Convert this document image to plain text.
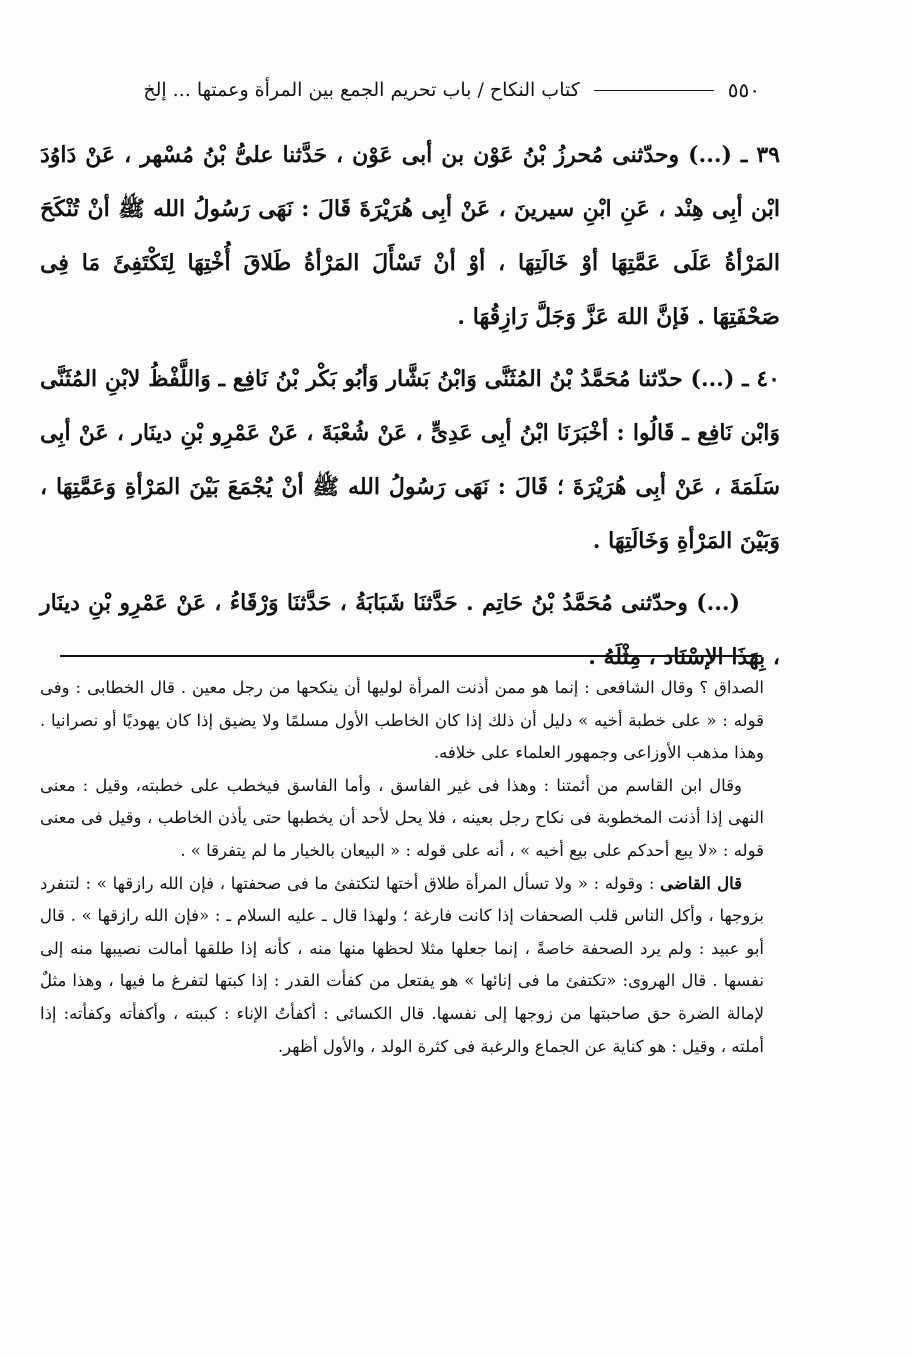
٥٥٠
كتاب النكاح / باب تحريم الجمع بين المرأة وعمتها ... إلخ

٣٩ ـ (...) وحدّثنى مُحرزُ بْنُ عَوْن بن أبى عَوْن ، حَدَّثنا علىُّ بْنُ مُسْهر ، عَنْ دَاوُدَ ابْن أبِى هِنْد ، عَنِ ابْنِ سيرينَ ، عَنْ أبِى هُرَيْرَةَ قَالَ : نَهَى رَسُولُ الله ﷺ أنْ تُنْكَحَ المَرْأةُ عَلَى عَمَّتِهَا أوْ خَالَتِهَا ، أوْ أنْ تَسْأَلَ المَرْأةُ طَلاقَ أُخْتِهَا لِتَكْتَفِئَ مَا فِى صَحْفَتِهَا . فَإنَّ اللهَ عَزَّ وَجَلَّ رَازِقُهَا .

٤٠ ـ (...) حدّثنا مُحَمَّدُ بْنُ المُثَنَّى وَابْنُ بَشَّار وَأبُو بَكْر بْنُ نَافِع ـ وَاللَّفْظُ لابْنِ المُثَنَّى وَابْن نَافِع ـ قَالُوا : أخْبَرَنَا ابْنُ أبِى عَدِىٍّ ، عَنْ شُعْبَةَ ، عَنْ عَمْرِو بْنِ دينَار ، عَنْ أبِى سَلَمَةَ ، عَنْ أبِى هُرَيْرَةَ ؛ قَالَ : نَهَى رَسُولُ الله ﷺ أنْ يُجْمَعَ بَيْنَ المَرْأةِ وَعَمَّتِهَا ، وَبَيْنَ المَرْأةِ وَخَالَتِهَا .

(...) وحدّثنى مُحَمَّدُ بْنُ حَاتِم . حَدَّثنَا شَبَابَةُ ، حَدَّثنَا وَرْقَاءُ ، عَنْ عَمْرِو بْنِ دينَار ، بِهَذَا الإسْنَاد ، مِثْلَهُ .

الصداق ؟ وقال الشافعى : إنما هو ممن أذنت المرأة لوليها أن ينكحها من رجل معين . قال الخطابى : وفى قوله : « على خطبة أخيه » دليل أن ذلك إذا كان الخاطب الأول مسلمًا ولا يضيق إذا كان يهوديًا أو نصرانيا . وهذا مذهب الأوزاعى وجمهور العلماء على خلافه.

وقال ابن القاسم من أئمتنا : وهذا فى غير الفاسق ، وأما الفاسق فيخطب على خطبته، وقيل : معنى النهى إذا أذنت المخطوبة فى نكاح رجل بعينه ، فلا يحل لأحد أن يخطبها حتى يأذن الخاطب ، وقيل فى معنى قوله : «لا يبع أحدكم على بيع أخيه » ، أنه على قوله : « البيعان بالخيار ما لم يتفرقا » .

قال القاضى : وقوله : « ولا تسأل المرأة طلاق أختها لتكتفئ ما فى صحفتها ، فإن الله رازقها » : لتنفرد بزوجها ، وأكل الناس قلب الصحفات إذا كانت فارغة ؛ ولهذا قال ـ عليه السلام ـ : «فإن الله رازقها » . قال أبو عبيد : ولم يرد الصحفة خاصةً ، إنما جعلها مثلا لحظها منها منه ، كأنه إذا طلقها أمالت نصيبها منه إلى نفسها . قال الهروى: «تكتفئ ما فى إنائها » هو يفتعل من كفأت القدر : إذا كبتها لتفرغ ما فيها ، وهذا مثلٌ لإمالة الضرة حق صاحبتها من زوجها إلى نفسها. قال الكسائى : أكفأتُ الإناء : كببته ، وأكفأته وكفأته: إذا أملته ، وقيل : هو كناية عن الجماع والرغبة فى كثرة الولد ، والأول أظهر.
